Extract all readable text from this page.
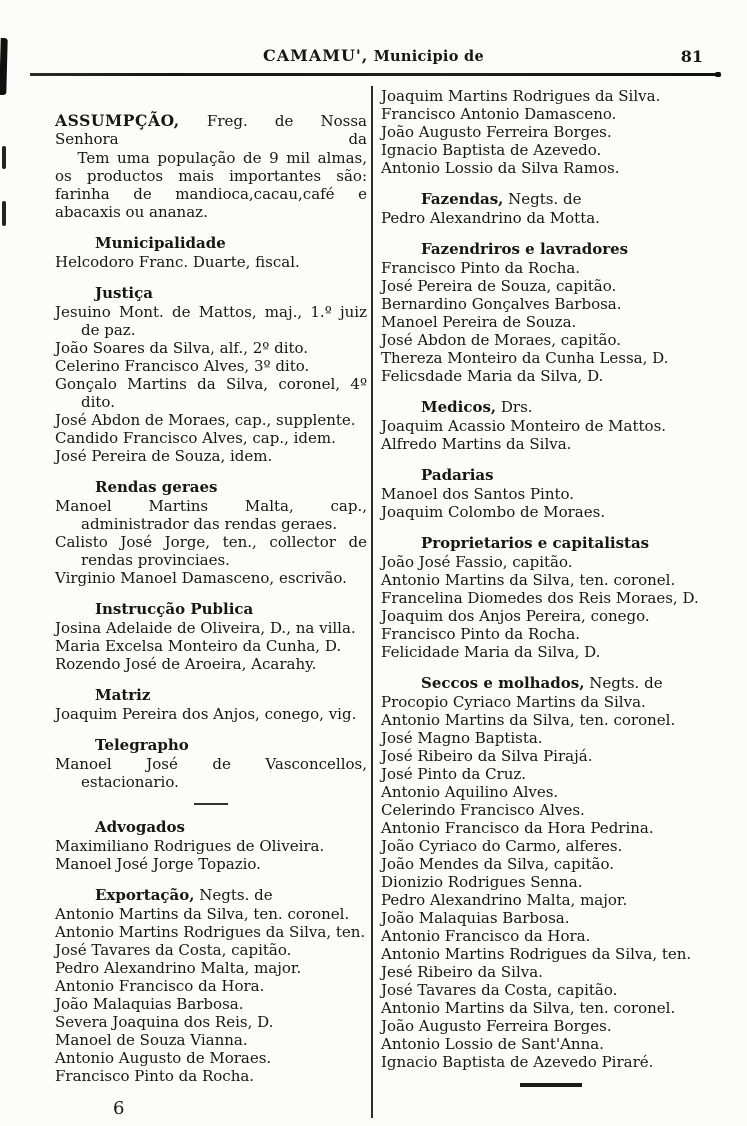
CAMAMU', Municipio de	81
ASSUMPÇÃO, Freg. de Nossa Senhora da

Tem uma população de 9 mil almas, os productos mais importantes são: farinha de mandioca,cacau,café e abacaxis ou ananaz.

Municipalidade
Helcodoro Franc. Duarte, fiscal.
Justiça
Jesuino Mont. de Mattos, maj., 1.º juiz de paz.
João Soares da Silva, alf., 2º dito.
Celerino Francisco Alves, 3º dito.
Gonçalo Martins da Silva, coronel, 4º dito.
José Abdon de Moraes, cap., supplente.
Candido Francisco Alves, cap., idem.
José Pereira de Souza, idem.
Rendas geraes
Manoel Martins Malta, cap., administrador das rendas geraes.
Calisto José Jorge, ten., collector de rendas provinciaes.
Virginio Manoel Damasceno, escrivão.
Instrucção Publica
Josina Adelaide de Oliveira, D., na villa.
Maria Excelsa Monteiro da Cunha, D.
Rozendo José de Aroeira, Acarahy.
Matriz
Joaquim Pereira dos Anjos, conego, vig.
Telegrapho
Manoel José de Vasconcellos, estacionario.
Advogados
Maximiliano Rodrigues de Oliveira.
Manoel José Jorge Topazio.
Exportação, Negts. de
Antonio Martins da Silva, ten. coronel.
Antonio Martins Rodrigues da Silva, ten.
José Tavares da Costa, capitão.
Pedro Alexandrino Malta, major.
Antonio Francisco da Hora.
João Malaquias Barbosa.
Severa Joaquina dos Reis, D.
Manoel de Souza Vianna.
Antonio Augusto de Moraes.
Francisco Pinto da Rocha.
6
Joaquim Martins Rodrigues da Silva.
Francisco Antonio Damasceno.
João Augusto Ferreira Borges.
Ignacio Baptista de Azevedo.
Antonio Lossio da Silva Ramos.
Fazendas, Negts. de
Pedro Alexandrino da Motta.
Fazendriros e lavradores
Francisco Pinto da Rocha.
José Pereira de Souza, capitão.
Bernardino Gonçalves Barbosa.
Manoel Pereira de Souza.
José Abdon de Moraes, capitão.
Thereza Monteiro da Cunha Lessa, D.
Felicsdade Maria da Silva, D.
Medicos, Drs.
Joaquim Acassio Monteiro de Mattos.
Alfredo Martins da Silva.
Padarias
Manoel dos Santos Pinto.
Joaquim Colombo de Moraes.
Proprietarios e capitalistas
João José Fassio, capitão.
Antonio Martins da Silva, ten. coronel.
Francelina Diomedes dos Reis Moraes, D.
Joaquim dos Anjos Pereira, conego.
Francisco Pinto da Rocha.
Felicidade Maria da Silva, D.
Seccos e molhados, Negts. de
Procopio Cyriaco Martins da Silva.
Antonio Martins da Silva, ten. coronel.
José Magno Baptista.
José Ribeiro da Silva Pirajá.
José Pinto da Cruz.
Antonio Aquilino Alves.
Celerindo Francisco Alves.
Antonio Francisco da Hora Pedrina.
João Cyriaco do Carmo, alferes.
João Mendes da Silva, capitão.
Dionizio Rodrigues Senna.
Pedro Alexandrino Malta, major.
João Malaquias Barbosa.
Antonio Francisco da Hora.
Antonio Martins Rodrigues da Silva, ten.
Jesé Ribeiro da Silva.
José Tavares da Costa, capitão.
Antonio Martins da Silva, ten. coronel.
João Augusto Ferreira Borges.
Antonio Lossio de Sant'Anna.
Ignacio Baptista de Azevedo Piraré.
